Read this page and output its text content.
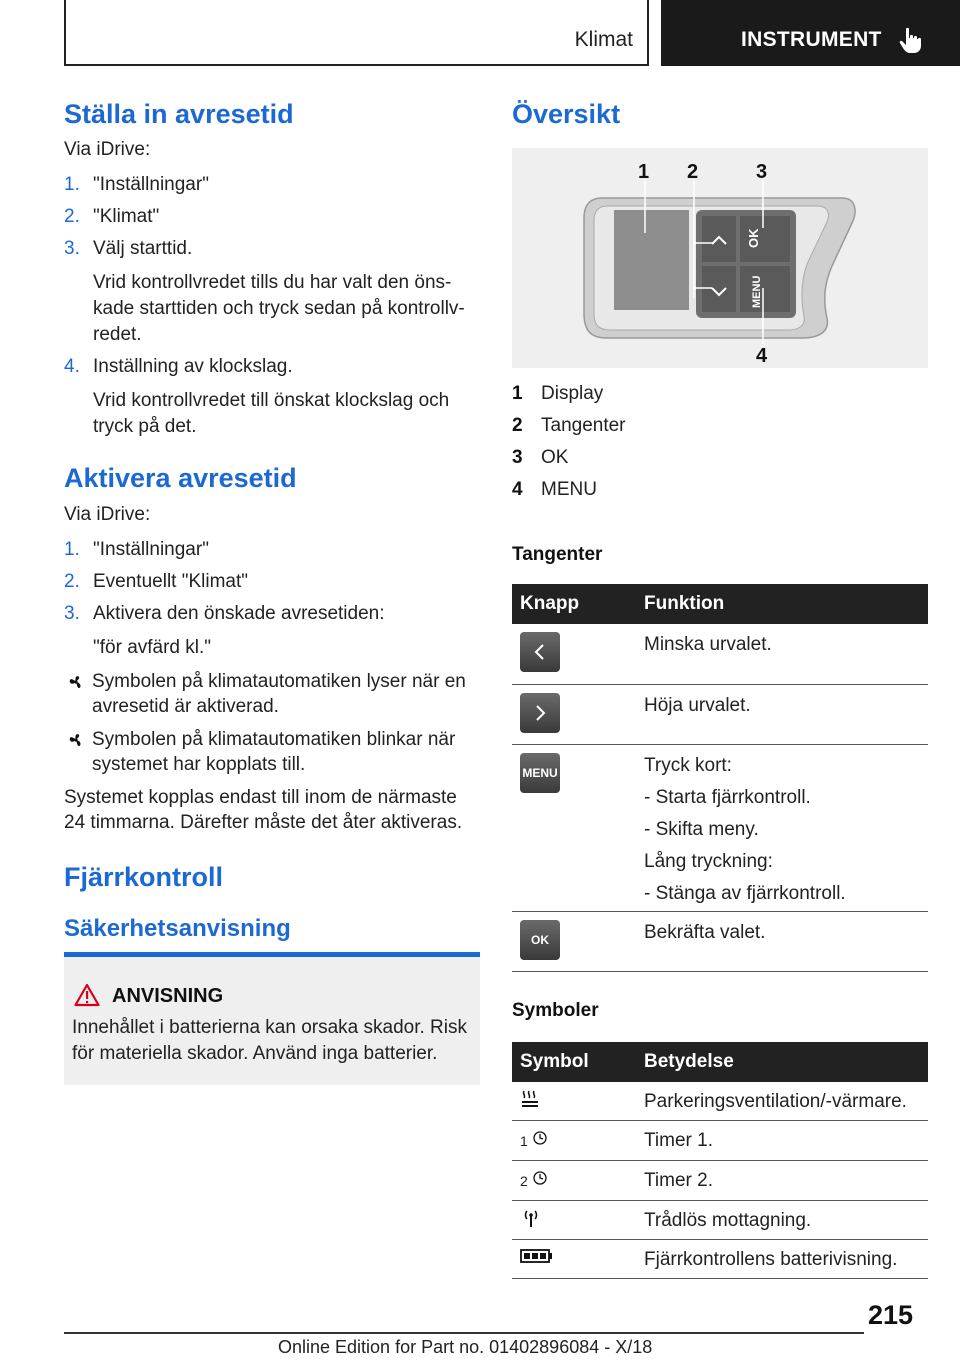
Klimat	INSTRUMENT
Ställa in avresetid

Via iDrive:

1. "Inställningar"
2. "Klimat"
3. Välj starttid.

Vrid kontrollvredet tills du har valt den öns-kade starttiden och tryck sedan på kontrollv-redet.

4. Inställning av klockslag.

Vrid kontrollvredet till önskat klockslag och tryck på det.

Aktivera avresetid

Via iDrive:

1. "Inställningar"
2. Eventuellt "Klimat"
3. Aktivera den önskade avresetiden:

"för avfärd kl."

Symbolen på klimatautomatiken lyser när en avresetid är aktiverad.

Symbolen på klimatautomatiken blinkar när systemet har kopplats till.

Systemet kopplas endast till inom de närmaste 24 timmarna. Därefter måste det åter aktiveras.

Fjärrkontroll
Säkerhetsanvisning
ANVISNING

Innehållet i batterierna kan orsaka skador. Risk för materiella skador. Använd inga batterier.

Översikt
OK
MENU
1 2	3
4
1 Display
2 Tangenter
3 OK
4 MENU

Tangenter

Knapp	Funktion

	Minska urvalet.

	Höja urvalet.

MENU	Tryck kort:

- Starta fjärrkontroll.

- Skifta meny.

Lång tryckning:

- Stänga av fjärrkontroll.

OK	Bekräfta valet.

Symboler

Symbol	Betydelse
	Parkeringsventilation/-värmare.
1	Timer 1.
2	Timer 2.
	Trådlös mottagning.
	Fjärrkontrollens batterivisning.
215
Online Edition for Part no. 01402896084 - X/18
